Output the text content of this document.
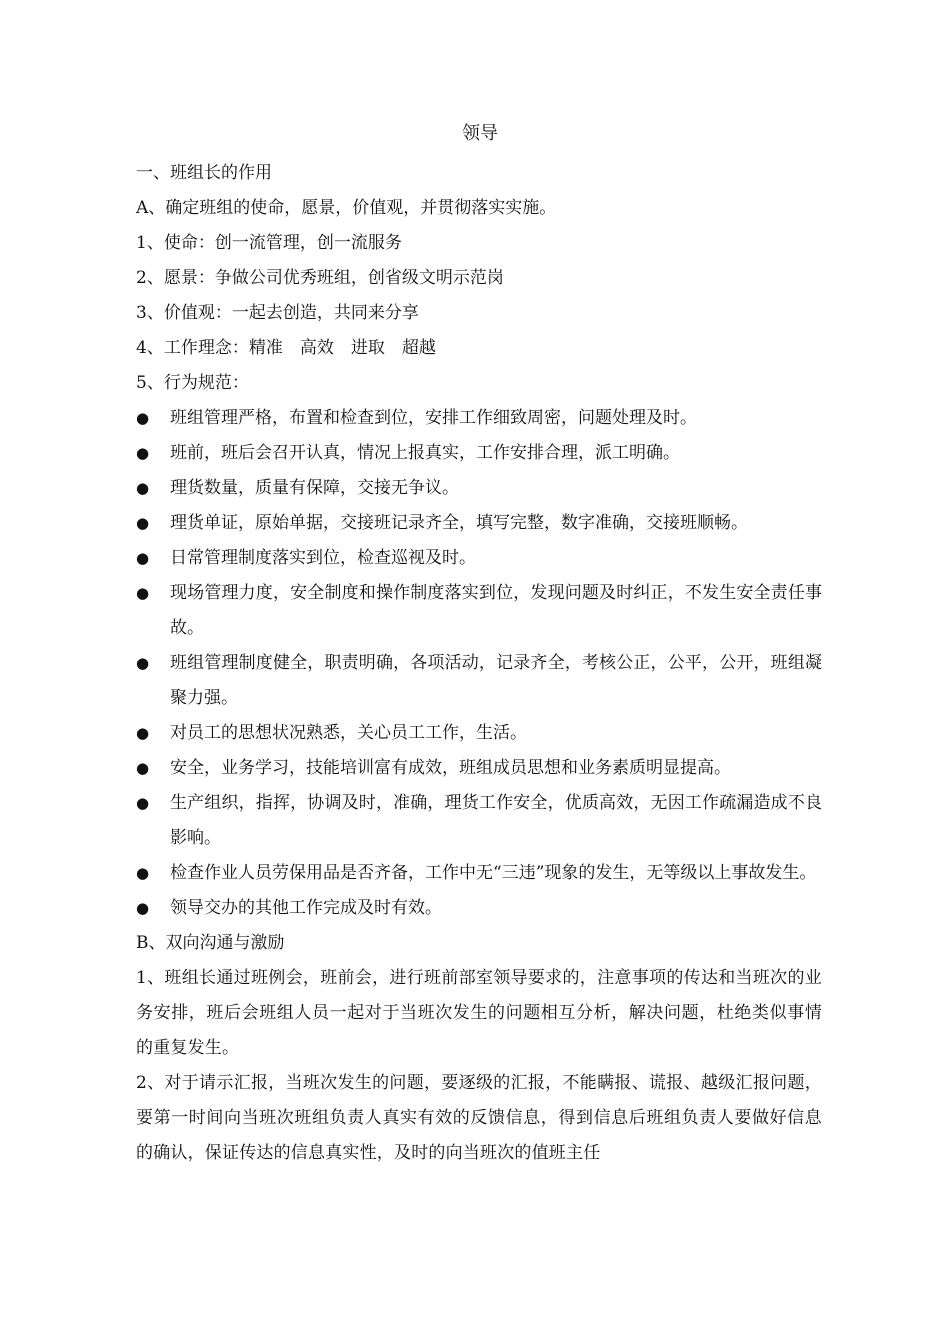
领导

一、班组长的作用

A、确定班组的使命，愿景，价值观，并贯彻落实实施。

1、使命：创一流管理，创一流服务

2、愿景：争做公司优秀班组，创省级文明示范岗

3、价值观：一起去创造，共同来分享

4、工作理念：精准　高效　进取　超越

5、行为规范：

●	班组管理严格，布置和检查到位，安排工作细致周密，问题处理及时。
●	班前，班后会召开认真，情况上报真实，工作安排合理，派工明确。
●	理货数量，质量有保障，交接无争议。
●	理货单证，原始单据，交接班记录齐全，填写完整，数字准确，交接班顺畅。
●	日常管理制度落实到位，检查巡视及时。
●	现场管理力度，安全制度和操作制度落实到位，发现问题及时纠正，不发生安全责任事故。
●	班组管理制度健全，职责明确，各项活动，记录齐全，考核公正，公平，公开，班组凝聚力强。
●	对员工的思想状况熟悉，关心员工工作，生活。
●	安全，业务学习，技能培训富有成效，班组成员思想和业务素质明显提高。
●	生产组织，指挥，协调及时，准确，理货工作安全，优质高效，无因工作疏漏造成不良影响。
●	检查作业人员劳保用品是否齐备，工作中无“三违”现象的发生，无等级以上事故发生。
●	领导交办的其他工作完成及时有效。

B、双向沟通与激励

1、班组长通过班例会，班前会，进行班前部室领导要求的，注意事项的传达和当班次的业务安排，班后会班组人员一起对于当班次发生的问题相互分析，解决问题，杜绝类似事情的重复发生。

2、对于请示汇报，当班次发生的问题，要逐级的汇报，不能瞒报、谎报、越级汇报问题，要第一时间向当班次班组负责人真实有效的反馈信息，得到信息后班组负责人要做好信息的确认，保证传达的信息真实性，及时的向当班次的值班主任
